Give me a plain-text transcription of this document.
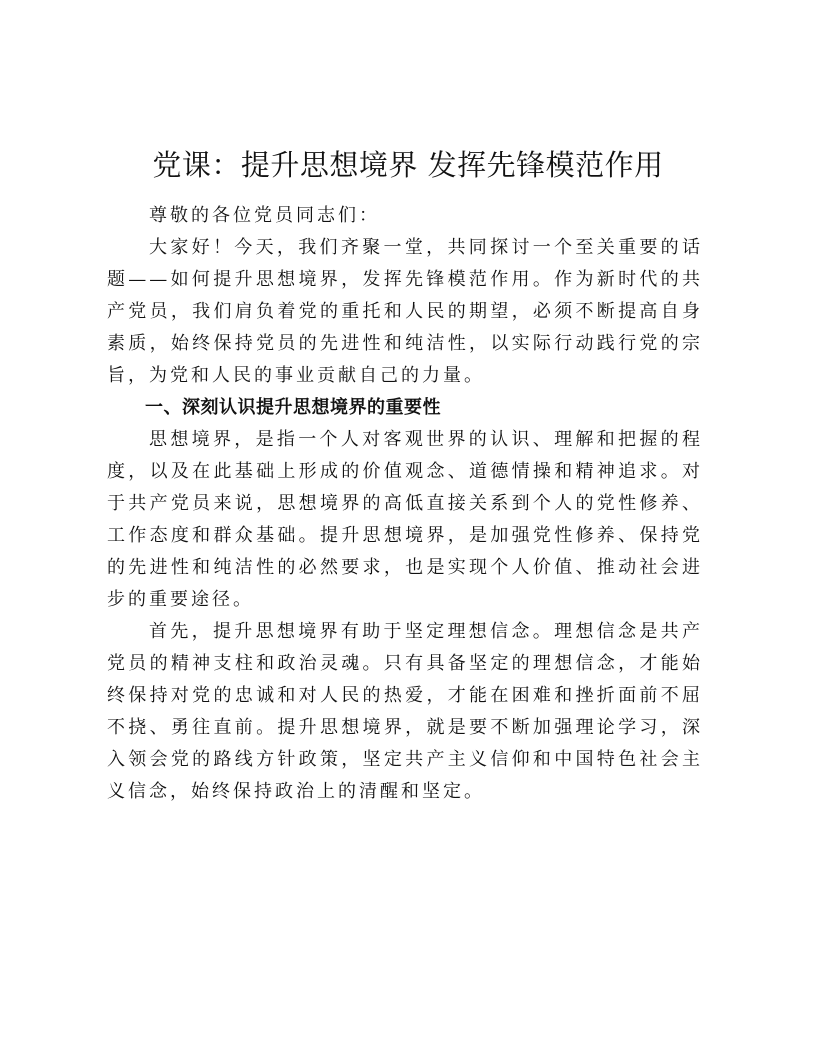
党课：提升思想境界 发挥先锋模范作用

尊敬的各位党员同志们：

大家好！今天，我们齐聚一堂，共同探讨一个至关重要的话题——如何提升思想境界，发挥先锋模范作用。作为新时代的共产党员，我们肩负着党的重托和人民的期望，必须不断提高自身素质，始终保持党员的先进性和纯洁性，以实际行动践行党的宗旨，为党和人民的事业贡献自己的力量。

一、深刻认识提升思想境界的重要性

思想境界，是指一个人对客观世界的认识、理解和把握的程度，以及在此基础上形成的价值观念、道德情操和精神追求。对于共产党员来说，思想境界的高低直接关系到个人的党性修养、工作态度和群众基础。提升思想境界，是加强党性修养、保持党的先进性和纯洁性的必然要求，也是实现个人价值、推动社会进步的重要途径。

首先，提升思想境界有助于坚定理想信念。理想信念是共产党员的精神支柱和政治灵魂。只有具备坚定的理想信念，才能始终保持对党的忠诚和对人民的热爱，才能在困难和挫折面前不屈不挠、勇往直前。提升思想境界，就是要不断加强理论学习，深入领会党的路线方针政策，坚定共产主义信仰和中国特色社会主义信念，始终保持政治上的清醒和坚定。
